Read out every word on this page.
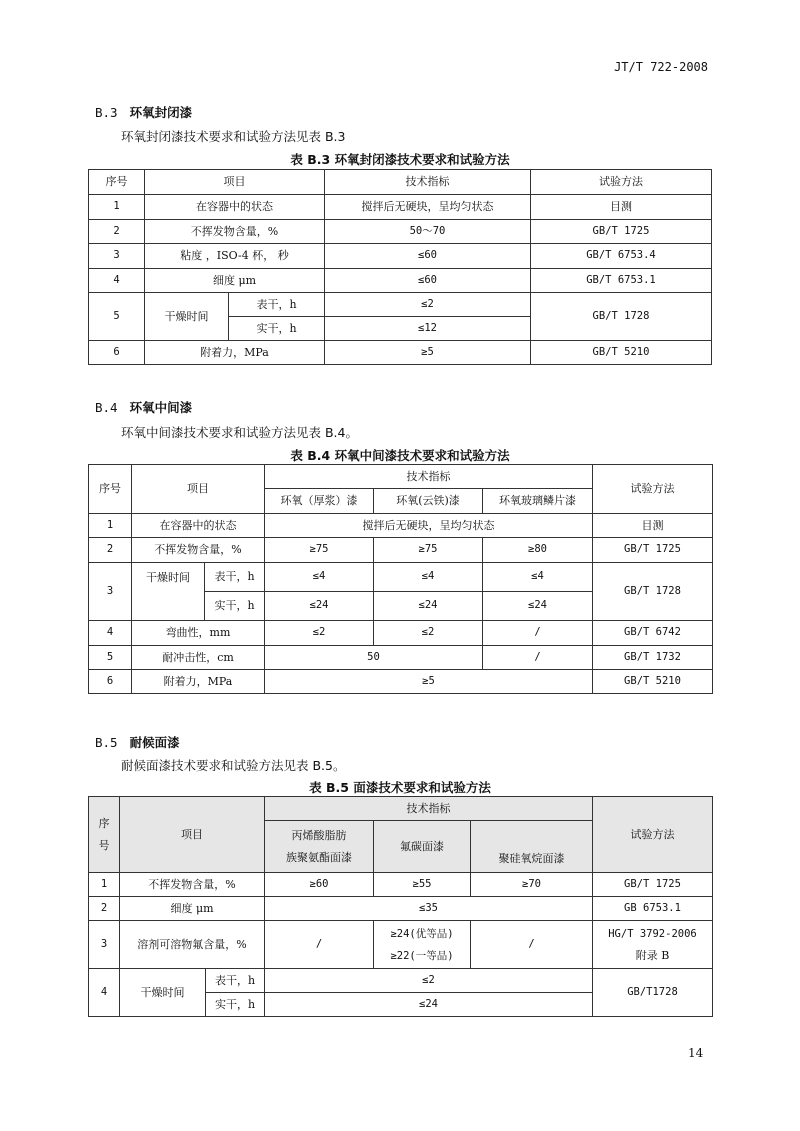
JT/T 722-2008
B.3 环氧封闭漆
环氧封闭漆技术要求和试验方法见表 B.3
表 B.3 环氧封闭漆技术要求和试验方法
序号	项目		技术指标	试验方法
1	在容器中的状态		搅拌后无硬块，呈均匀状态	目测
2	不挥发物含量，%		50～70	GB/T 1725
3	粘度 ，ISO-4 杯， 秒		≤60	GB/T 6753.4
4	细度 μm		≤60	GB/T 6753.1
5	干燥时间	表干，h	≤2	GB/T 1728
		实干，h	≤12	
6	附着力，MPa		≥5	GB/T 5210
B.4 环氧中间漆
环氧中间漆技术要求和试验方法见表 B.4。
表 B.4 环氧中间漆技术要求和试验方法
序号	项目		技术指标			试验方法
			环氧（厚浆）漆	环氧(云铁)漆	环氧玻璃鳞片漆	
1	在容器中的状态		搅拌后无硬块，呈均匀状态			目测
2	不挥发物含量，%		≥75	≥75	≥80	GB/T 1725
3	干燥时间	表干，h	≤4	≤4	≤4	GB/T 1728
		实干，h	≤24	≤24	≤24	
4	弯曲性，mm		≤2	≤2	/	GB/T 6742
5	耐冲击性，cm		50		/	GB/T 1732
6	附着力，MPa		≥5			GB/T 5210
B.5 耐候面漆
耐候面漆技术要求和试验方法见表 B.5。
表 B.5 面漆技术要求和试验方法
序
号	项目		技术指标			试验方法

			丙烯酸脂肪
族聚氨酯面漆	氟碳面漆	聚硅氧烷面漆	
1	不挥发物含量，%		≥60	≥55	≥70	GB/T 1725
2	细度 μm		≤35			GB 6753.1
3	溶剂可溶物氟含量，%		/	≥24(优等品)
≥22(一等品)	/	HG/T 3792-2006
附录 B

4	干燥时间	表干，h	≤2			GB/T1728
		实干，h	≤24			
14
